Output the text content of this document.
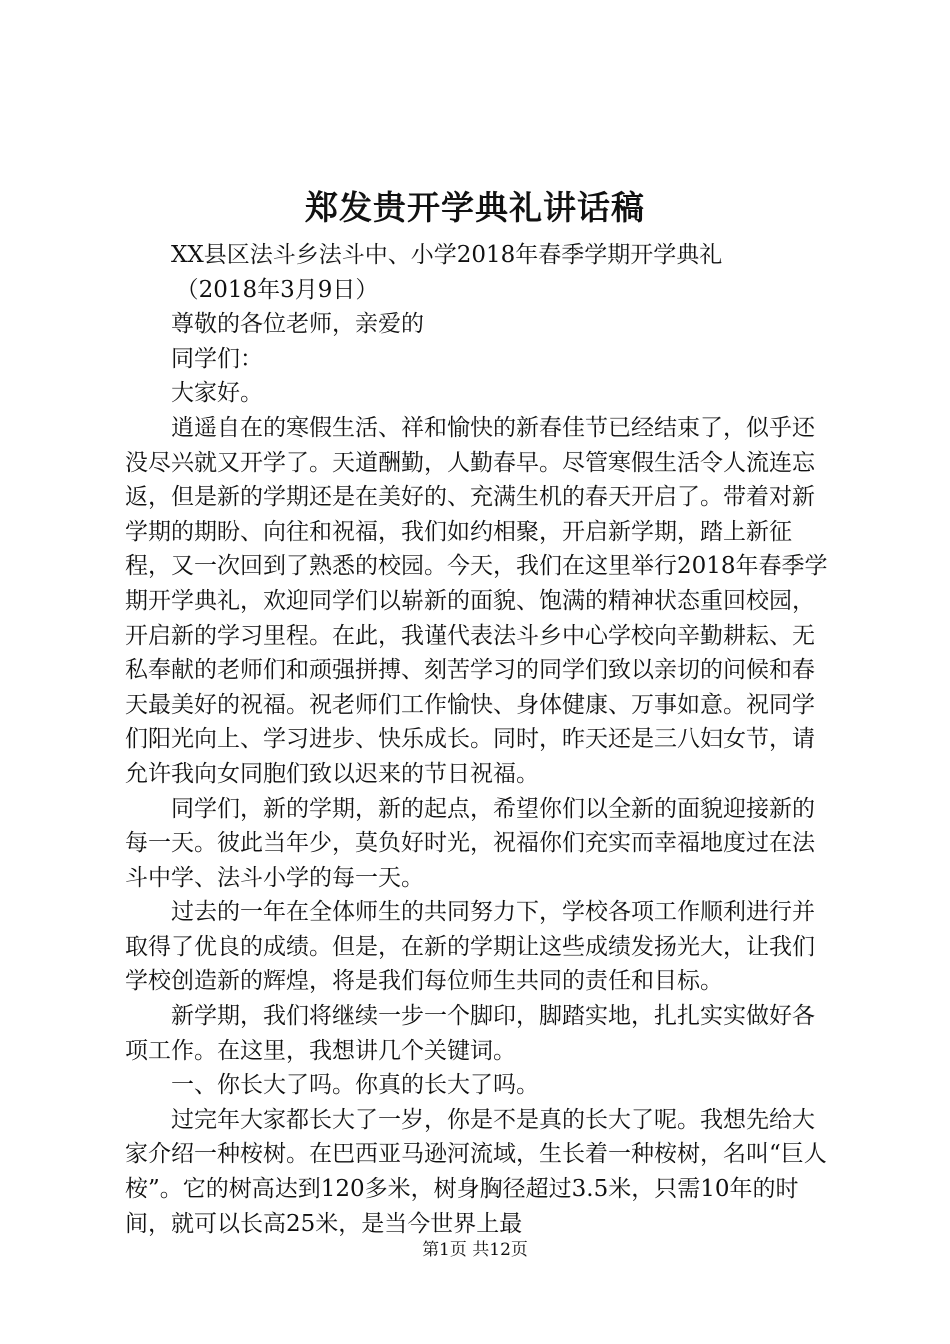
郑发贵开学典礼讲话稿

XX县区法斗乡法斗中、小学2018年春季学期开学典礼

（2018年3月9日）

尊敬的各位老师，亲爱的

同学们：

大家好。

逍遥自在的寒假生活、祥和愉快的新春佳节已经结束了，似乎还没尽兴就又开学了。天道酬勤，人勤春早。尽管寒假生活令人流连忘返，但是新的学期还是在美好的、充满生机的春天开启了。带着对新学期的期盼、向往和祝福，我们如约相聚，开启新学期，踏上新征程，又一次回到了熟悉的校园。今天，我们在这里举行2018年春季学期开学典礼，欢迎同学们以崭新的面貌、饱满的精神状态重回校园，开启新的学习里程。在此，我谨代表法斗乡中心学校向辛勤耕耘、无私奉献的老师们和顽强拼搏、刻苦学习的同学们致以亲切的问候和春天最美好的祝福。祝老师们工作愉快、身体健康、万事如意。祝同学们阳光向上、学习进步、快乐成长。同时，昨天还是三八妇女节，请允许我向女同胞们致以迟来的节日祝福。

同学们，新的学期，新的起点，希望你们以全新的面貌迎接新的每一天。彼此当年少，莫负好时光，祝福你们充实而幸福地度过在法斗中学、法斗小学的每一天。

过去的一年在全体师生的共同努力下，学校各项工作顺利进行并取得了优良的成绩。但是，在新的学期让这些成绩发扬光大，让我们学校创造新的辉煌，将是我们每位师生共同的责任和目标。

新学期，我们将继续一步一个脚印，脚踏实地，扎扎实实做好各项工作。在这里，我想讲几个关键词。

一、你长大了吗。你真的长大了吗。

过完年大家都长大了一岁，你是不是真的长大了呢。我想先给大家介绍一种桉树。在巴西亚马逊河流域，生长着一种桉树，名叫“巨人桉”。它的树高达到120多米，树身胸径超过3.5米，只需10年的时间，就可以长高25米，是当今世界上最

第1页 共12页
